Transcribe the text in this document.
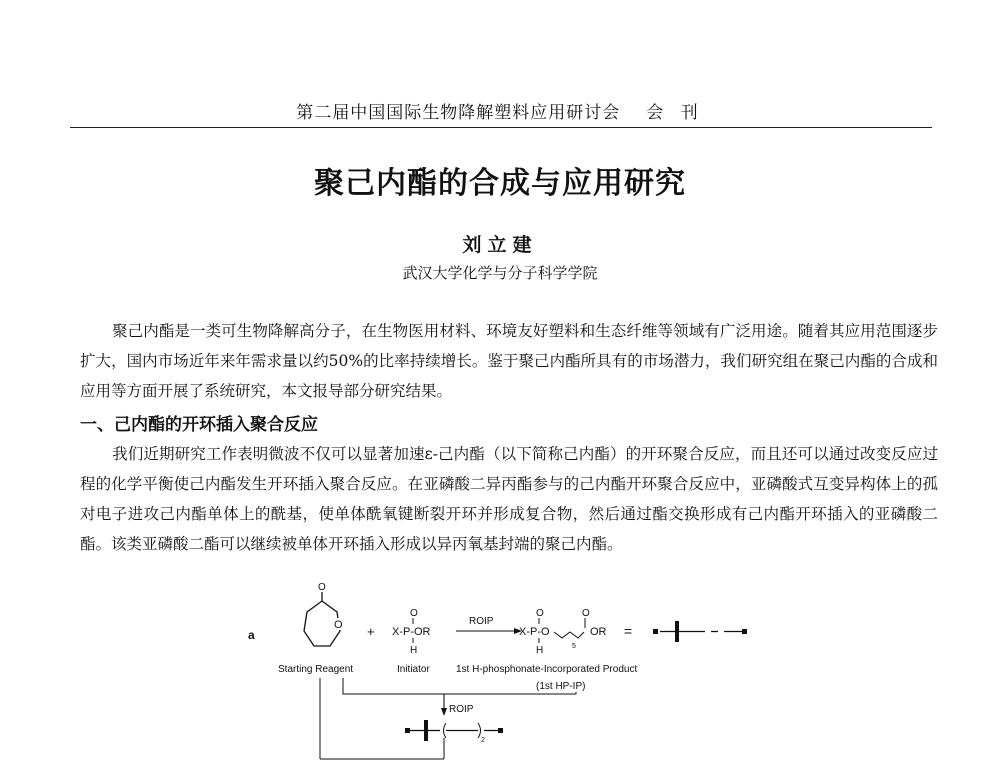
第二届中国国际生物降解塑料应用研讨会 会 刊
聚己内酯的合成与应用研究
刘立建
武汉大学化学与分子科学学院
聚己内酯是一类可生物降解高分子，在生物医用材料、环境友好塑料和生态纤维等领域有广泛用途。随着其应用范围逐步扩大，国内市场近年来年需求量以约50%的比率持续增长。鉴于聚己内酯所具有的市场潜力，我们研究组在聚己内酯的合成和应用等方面开展了系统研究，本文报导部分研究结果。
一、己内酯的开环插入聚合反应
我们近期研究工作表明微波不仅可以显著加速ε-己内酯（以下简称己内酯）的开环聚合反应，而且还可以通过改变反应过程的化学平衡使己内酯发生开环插入聚合反应。在亚磷酸二异丙酯参与的己内酯开环聚合反应中，亚磷酸式互变异构体上的孤对电子进攻己内酯单体上的酰基，使单体酰氧键断裂开环并形成复合物，然后通过酯交换形成有己内酯开环插入的亚磷酸二酯。该类亚磷酸二酯可以继续被单体开环插入形成以异丙氧基封端的聚己内酯。
a
O
O +
O
X-P-OR
H
ROIP
O
X-P-O
H	5
O
OR =
Starting Reagent	Initiator	1st H-phosphonate-Incorporated Product
(1st HP-IP)
ROIP
2
